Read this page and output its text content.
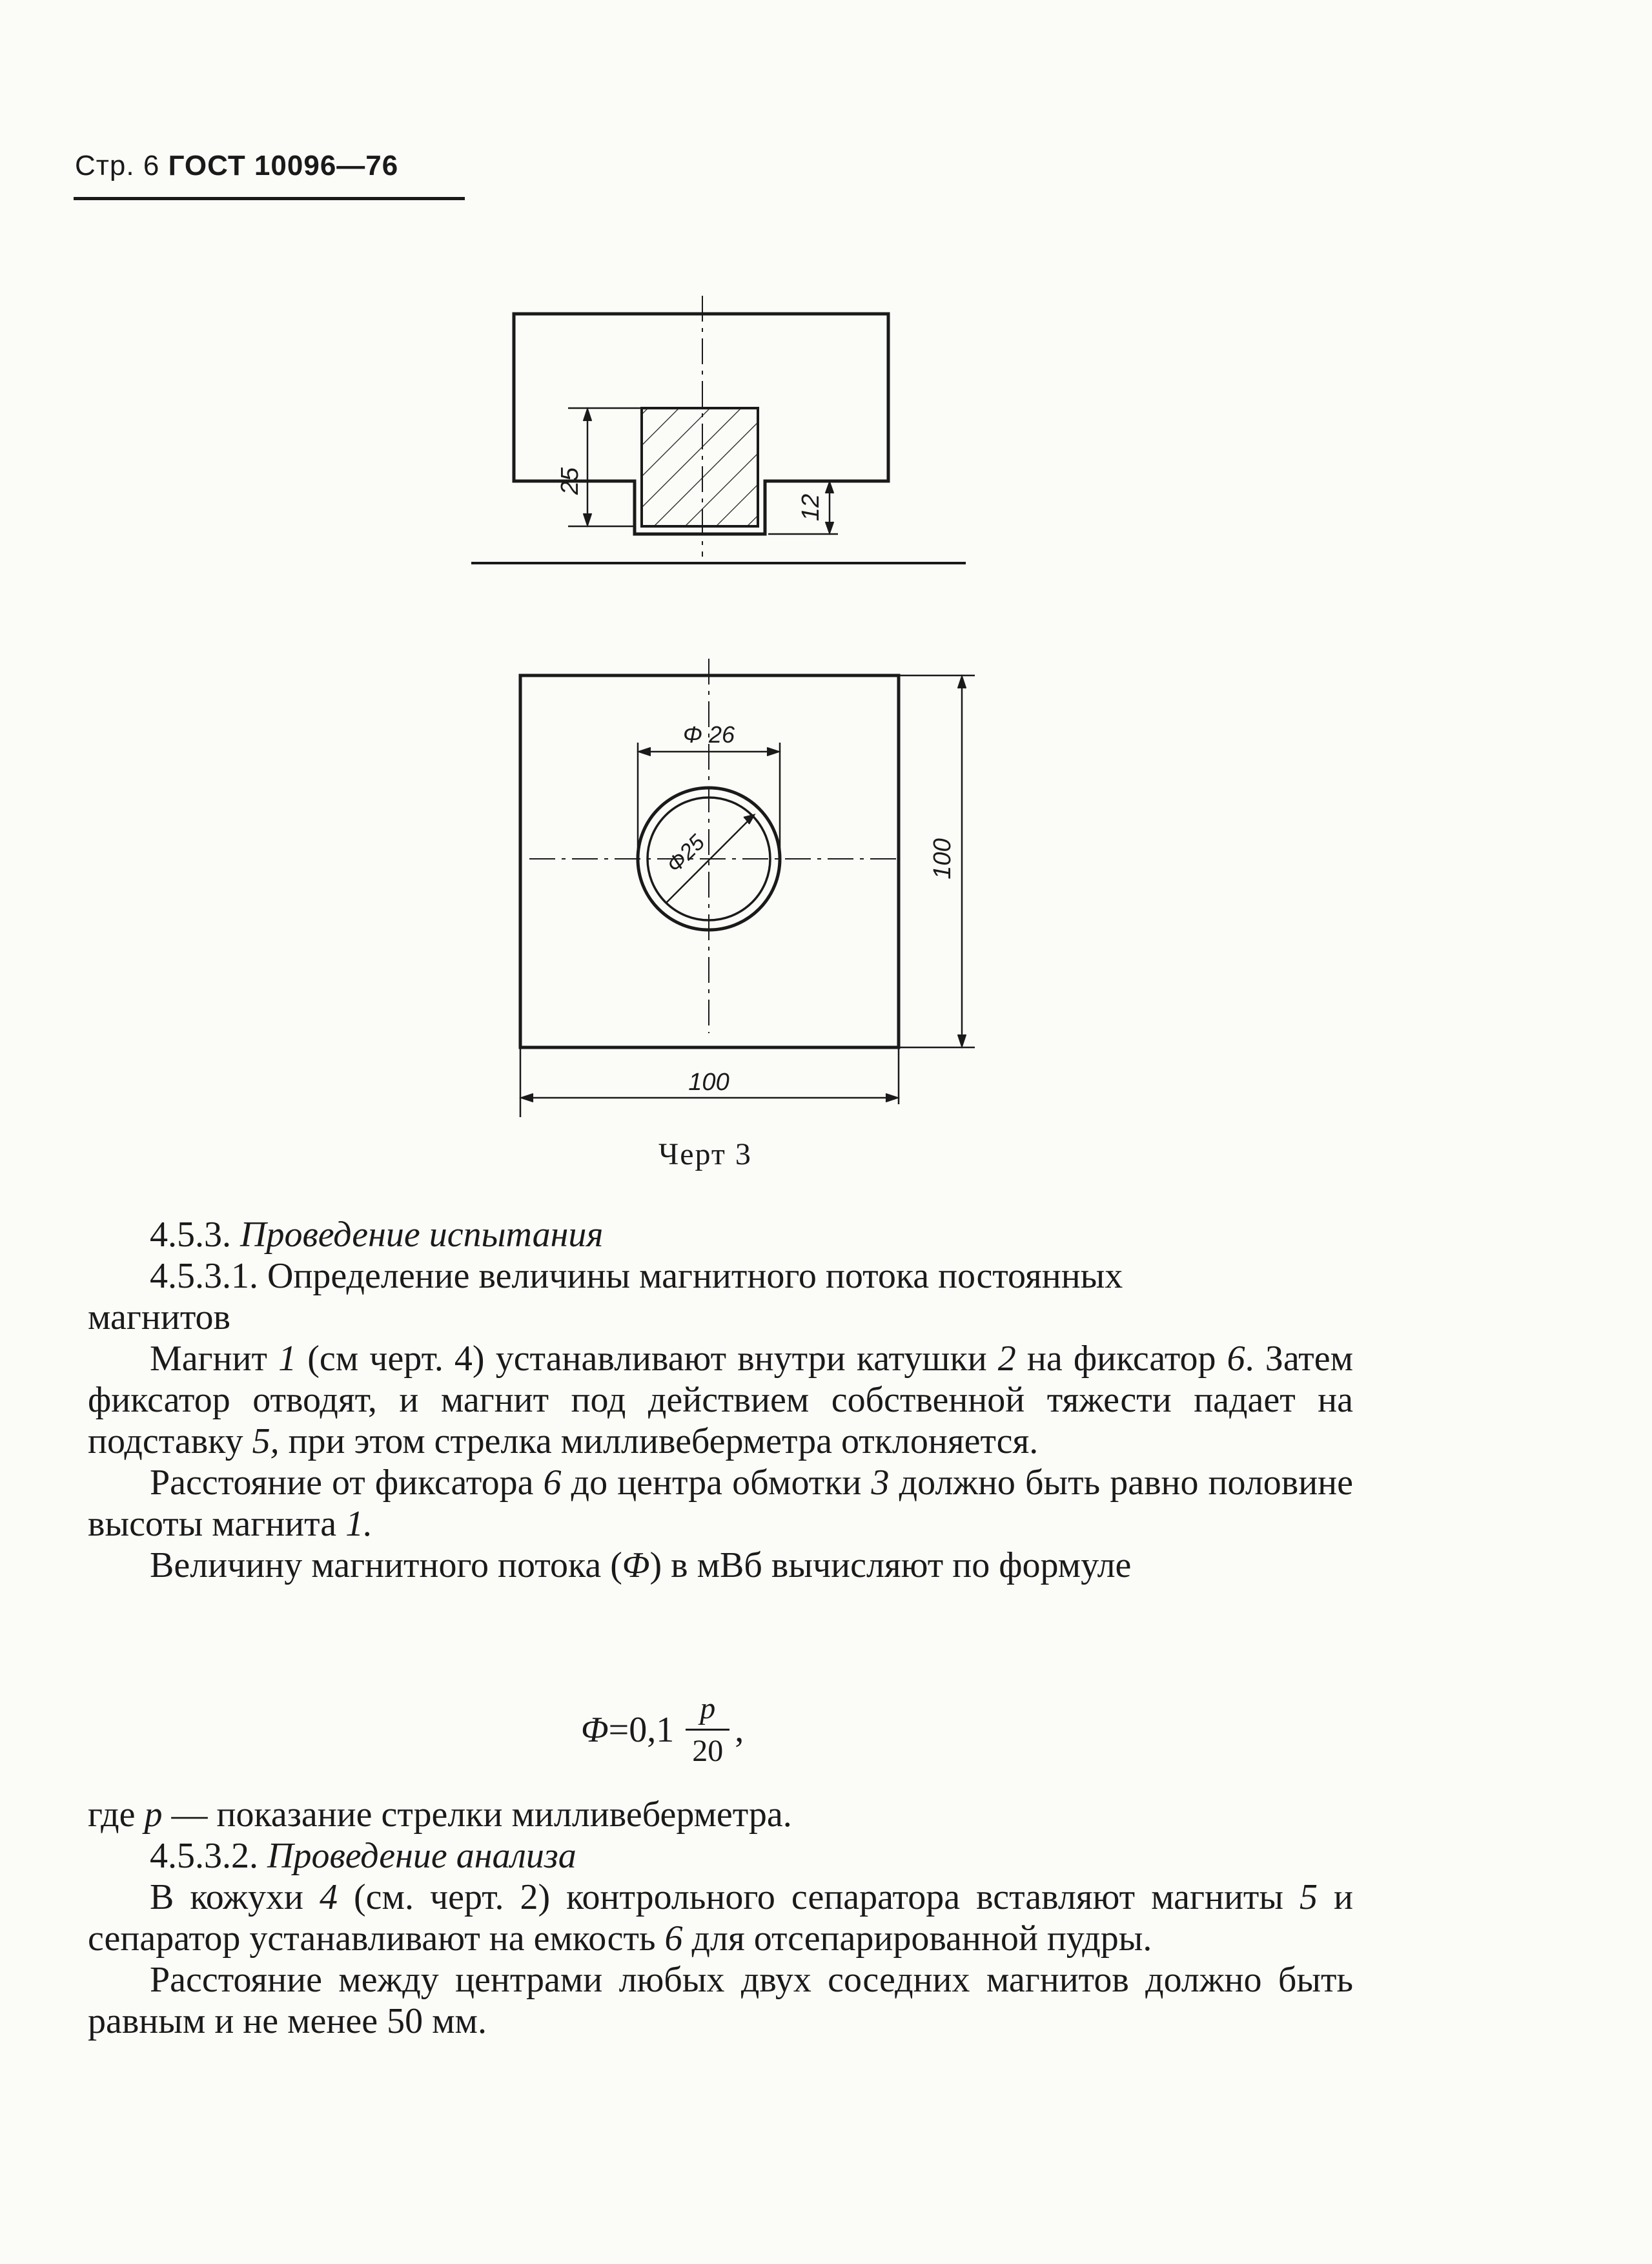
Стр. 6 ГОСТ 10096—76
25
12
Φ 26
Φ25	100
100
Черт 3

4.5.3. Проведение испытания

4.5.3.1. Определение величины магнитного потока постоянных

магнитов

Магнит 1 (см черт. 4) устанавливают внутри катушки 2 на фиксатор 6. Затем фиксатор отводят, и магнит под действием собственной тяжести падает на подставку 5, при этом стрелка милливеберметра отклоняется.

Расстояние от фиксатора 6 до центра обмотки 3 должно быть равно половине высоты магнита 1.

Величину магнитного потока (Φ) в мВб вычисляют по формуле

$\Phi =0,1 \frac{p}{20}$ ,

где p — показание стрелки милливеберметра.

4.5.3.2. Проведение анализа

В кожухи 4 (см. черт. 2) контрольного сепаратора вставляют магниты 5 и сепаратор устанавливают на емкость 6 для отсепарированной пудры.

Расстояние между центрами любых двух соседних магнитов должно быть равным и не менее 50 мм.
